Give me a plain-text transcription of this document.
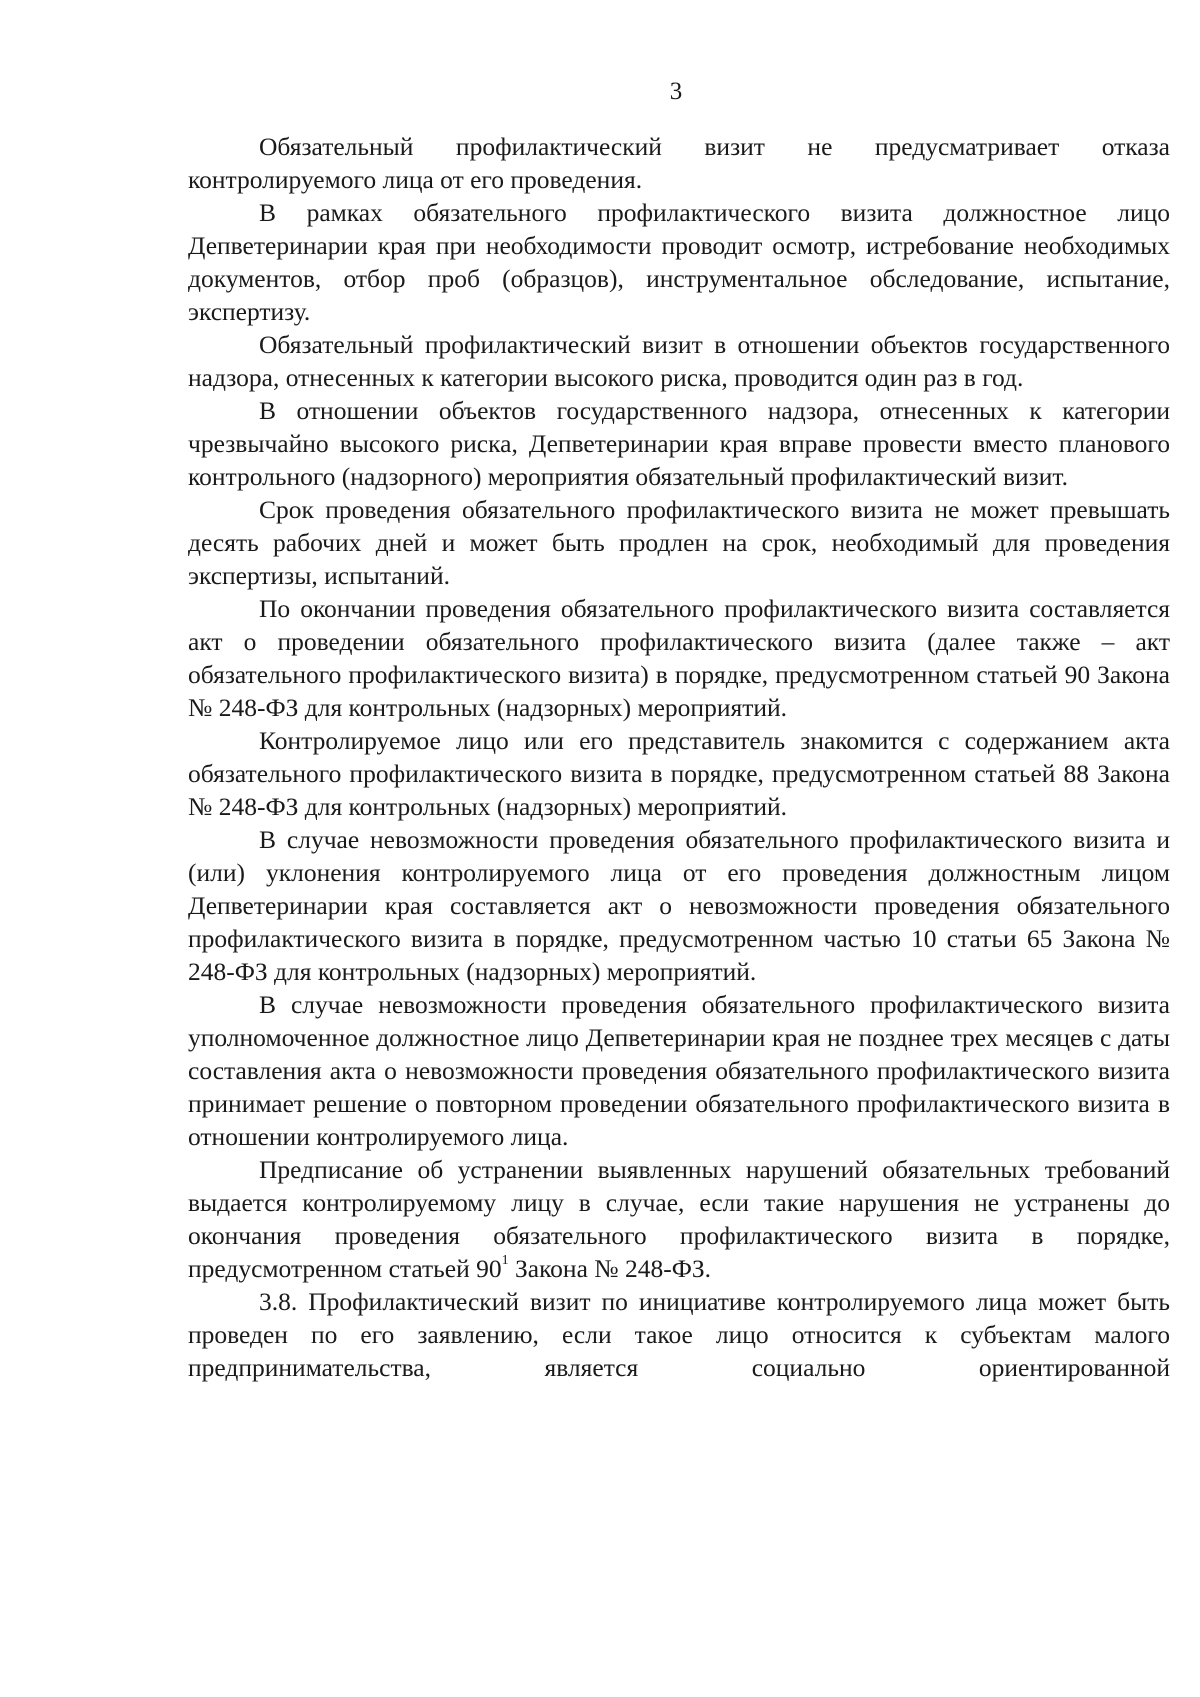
3

Обязательный профилактический визит не предусматривает отказа контролируемого лица от его проведения.

В рамках обязательного профилактического визита должностное лицо Депветеринарии края при необходимости проводит осмотр, истребование необходимых документов, отбор проб (образцов), инструментальное обследование, испытание, экспертизу.

Обязательный профилактический визит в отношении объектов государственного надзора, отнесенных к категории высокого риска, проводится один раз в год.

В отношении объектов государственного надзора, отнесенных к категории чрезвычайно высокого риска, Депветеринарии края вправе провести вместо планового контрольного (надзорного) мероприятия обязательный профилактический визит.

Срок проведения обязательного профилактического визита не может превышать десять рабочих дней и может быть продлен на срок, необходимый для проведения экспертизы, испытаний.

По окончании проведения обязательного профилактического визита составляется акт о проведении обязательного профилактического визита (далее также – акт обязательного профилактического визита) в порядке, предусмотренном статьей 90 Закона № 248-ФЗ для контрольных (надзорных) мероприятий.

Контролируемое лицо или его представитель знакомится с содержанием акта обязательного профилактического визита в порядке, предусмотренном статьей 88 Закона № 248-ФЗ для контрольных (надзорных) мероприятий.

В случае невозможности проведения обязательного профилактического визита и (или) уклонения контролируемого лица от его проведения должностным лицом Депветеринарии края составляется акт о невозможности проведения обязательного профилактического визита в порядке, предусмотренном частью 10 статьи 65 Закона № 248-ФЗ для контрольных (надзорных) мероприятий.

В случае невозможности проведения обязательного профилактического визита уполномоченное должностное лицо Депветеринарии края не позднее трех месяцев с даты составления акта о невозможности проведения обязательного профилактического визита принимает решение о повторном проведении обязательного профилактического визита в отношении контролируемого лица.

Предписание об устранении выявленных нарушений обязательных требований выдается контролируемому лицу в случае, если такие нарушения не устранены до окончания проведения обязательного профилактического визита в порядке, предусмотренном статьей $90^1$ Закона № 248-ФЗ.

3.8. Профилактический визит по инициативе контролируемого лица может быть проведен по его заявлению, если такое лицо относится к субъектам малого предпринимательства, является социально ориентированной
